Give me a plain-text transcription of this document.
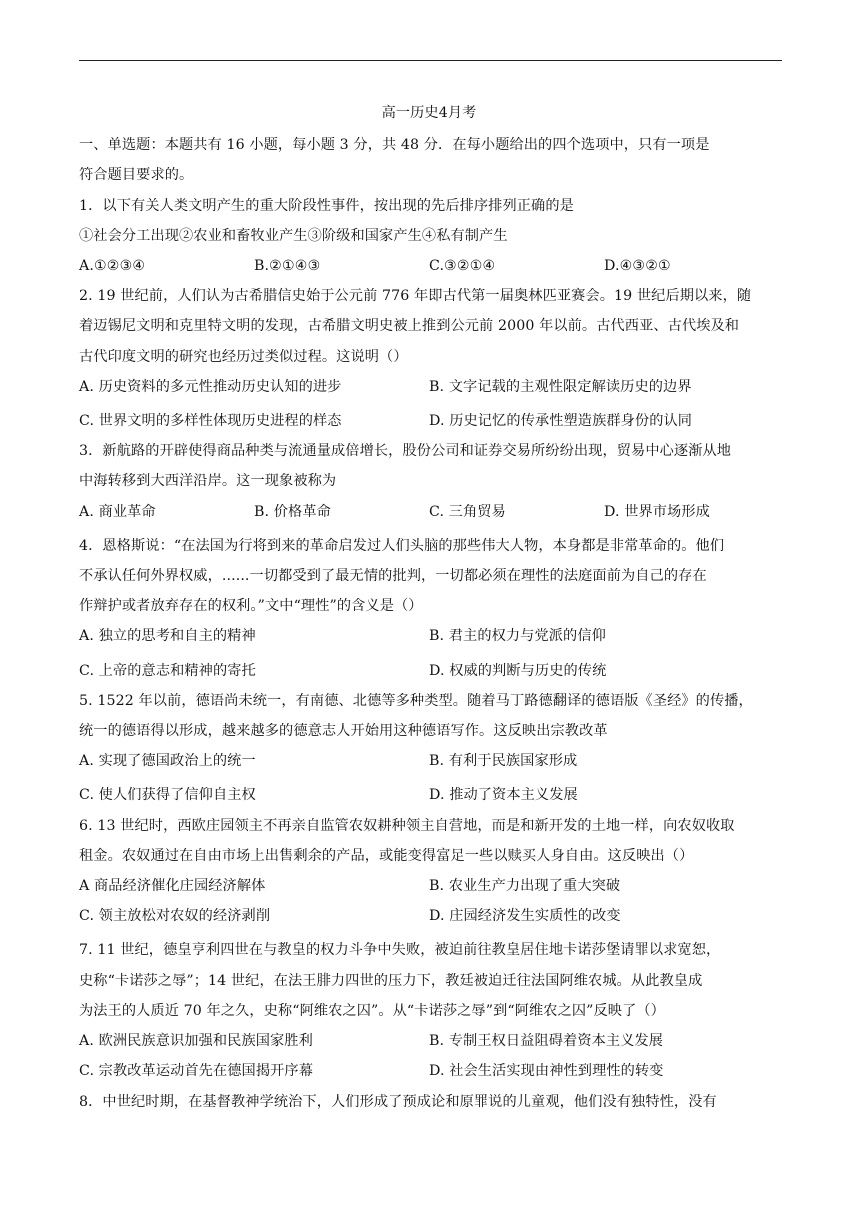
高一历史4月考
一、单选题：本题共有 16 小题，每小题 3 分，共 48 分．在每小题给出的四个选项中，只有一项是
符合题目要求的。
1．以下有关人类文明产生的重大阶段性事件，按出现的先后排序排列正确的是
①社会分工出现②农业和畜牧业产生③阶级和国家产生④私有制产生
A.①②③④	B.②①④③	C.③②①④	D.④③②①
2. 19 世纪前，人们认为古希腊信史始于公元前 776 年即古代第一届奥林匹亚赛会。19 世纪后期以来，随
着迈锡尼文明和克里特文明的发现，古希腊文明史被上推到公元前 2000 年以前。古代西亚、古代埃及和
古代印度文明的研究也经历过类似过程。这说明（）
A. 历史资料的多元性推动历史认知的进步	B. 文字记载的主观性限定解读历史的边界
C. 世界文明的多样性体现历史进程的样态	D. 历史记忆的传承性塑造族群身份的认同
3．新航路的开辟使得商品种类与流通量成倍增长，股份公司和证券交易所纷纷出现，贸易中心逐渐从地
中海转移到大西洋沿岸。这一现象被称为
A. 商业革命	B. 价格革命	C. 三角贸易	D. 世界市场形成
4．恩格斯说：“在法国为行将到来的革命启发过人们头脑的那些伟大人物，本身都是非常革命的。他们
不承认任何外界权威，......一切都受到了最无情的批判，一切都必须在理性的法庭面前为自己的存在
作辩护或者放弃存在的权利。”文中“理性”的含义是（）
A. 独立的思考和自主的精神	B. 君主的权力与党派的信仰
C. 上帝的意志和精神的寄托	D. 权威的判断与历史的传统
5. 1522 年以前，德语尚未统一，有南德、北德等多种类型。随着马丁路德翻译的德语版《圣经》的传播，
统一的德语得以形成，越来越多的德意志人开始用这种德语写作。这反映出宗教改革
A. 实现了德国政治上的统一	B. 有利于民族国家形成
C. 使人们获得了信仰自主权	D. 推动了资本主义发展
6. 13 世纪时，西欧庄园领主不再亲自监管农奴耕种领主自营地，而是和新开发的土地一样，向农奴收取
租金。农奴通过在自由市场上出售剩余的产品，或能变得富足一些以赎买人身自由。这反映出（）
A 商品经济催化庄园经济解体	B. 农业生产力出现了重大突破
C. 领主放松对农奴的经济剥削	D. 庄园经济发生实质性的改变
7. 11 世纪，德皇亨利四世在与教皇的权力斗争中失败，被迫前往教皇居住地卡诺莎堡请罪以求宽恕，
史称“卡诺莎之辱”；14 世纪，在法王腓力四世的压力下，教廷被迫迁往法国阿维农城。从此教皇成
为法王的人质近 70 年之久，史称“阿维农之囚”。从“卡诺莎之辱”到“阿维农之囚”反映了（）
A. 欧洲民族意识加强和民族国家胜利	B. 专制王权日益阻碍着资本主义发展
C. 宗教改革运动首先在德国揭开序幕	D. 社会生活实现由神性到理性的转变
8．中世纪时期，在基督教神学统治下，人们形成了预成论和原罪说的儿童观，他们没有独特性，没有
